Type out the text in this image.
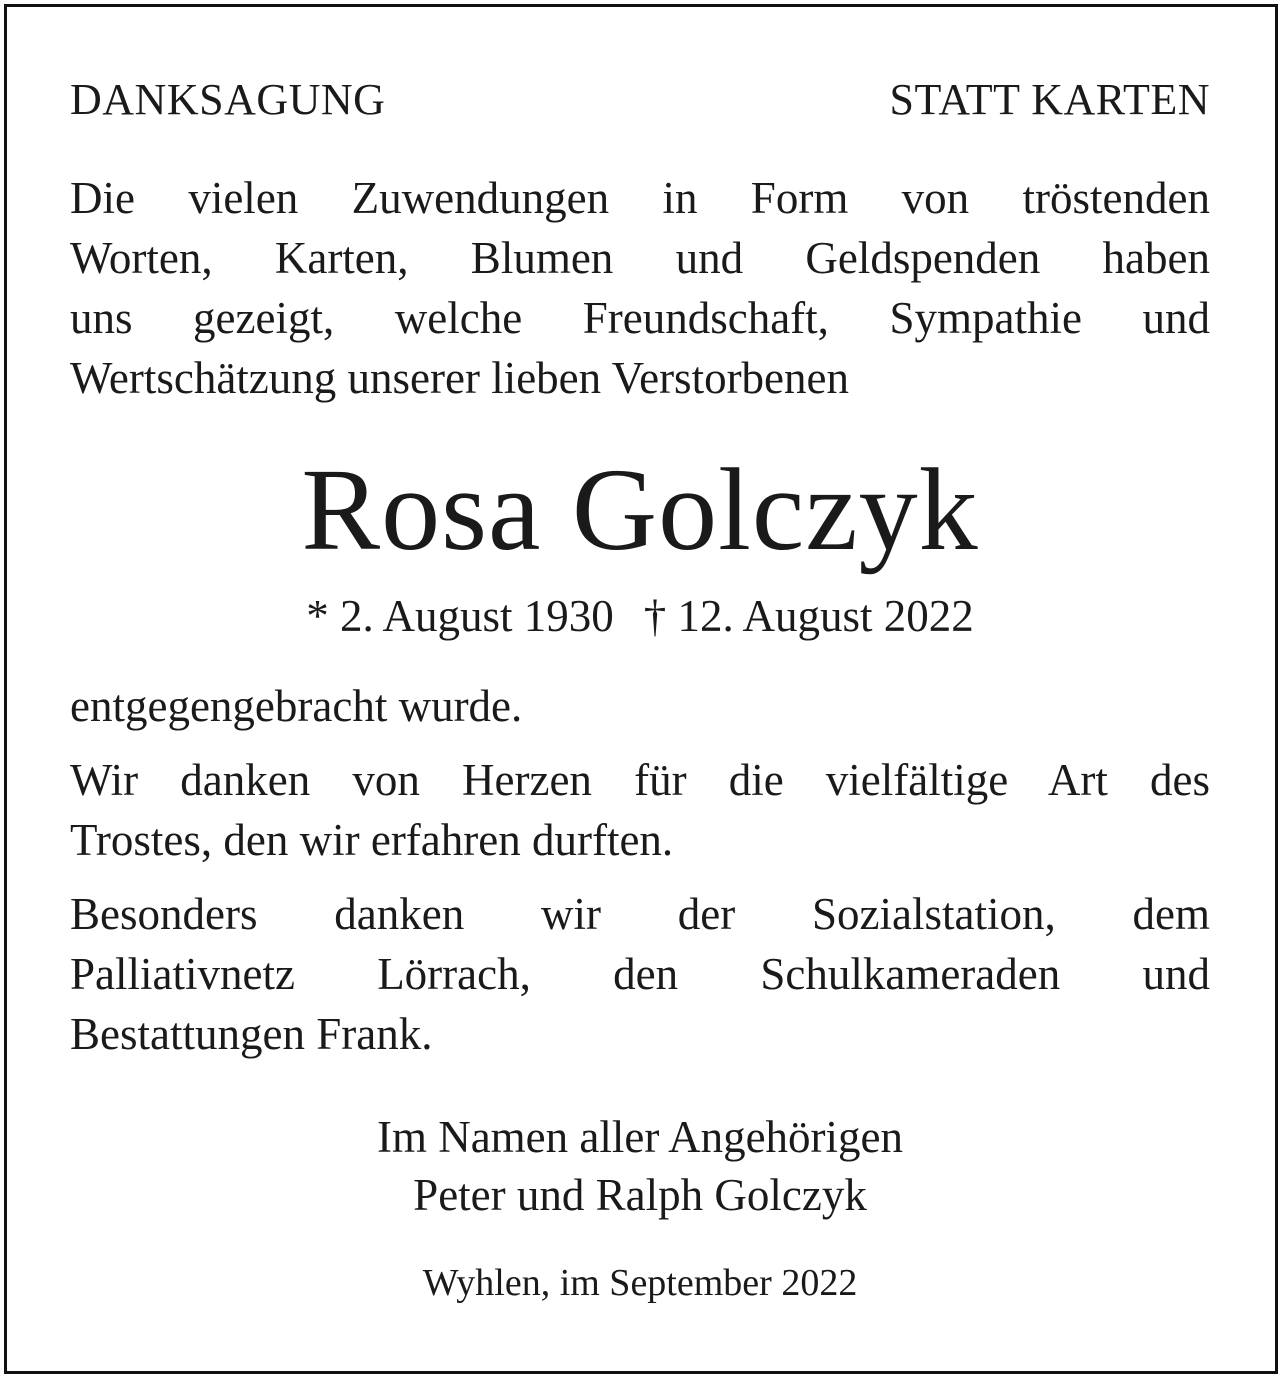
DANKSAGUNG	STATT KARTEN
Die vielen Zuwendungen in Form von tröstenden
Worten, Karten, Blumen und Geldspenden haben
uns gezeigt, welche Freundschaft, Sympathie und
Wertschätzung unserer lieben Verstorbenen
Rosa Golczyk
* 2. August 1930 † 12. August 2022
entgegengebracht wurde.
Wir danken von Herzen für die vielfältige Art des
Trostes, den wir erfahren durften.
Besonders danken wir der Sozialstation, dem
Palliativnetz Lörrach, den Schulkameraden und
Bestattungen Frank.
Im Namen aller Angehörigen
Peter und Ralph Golczyk
Wyhlen, im September 2022
